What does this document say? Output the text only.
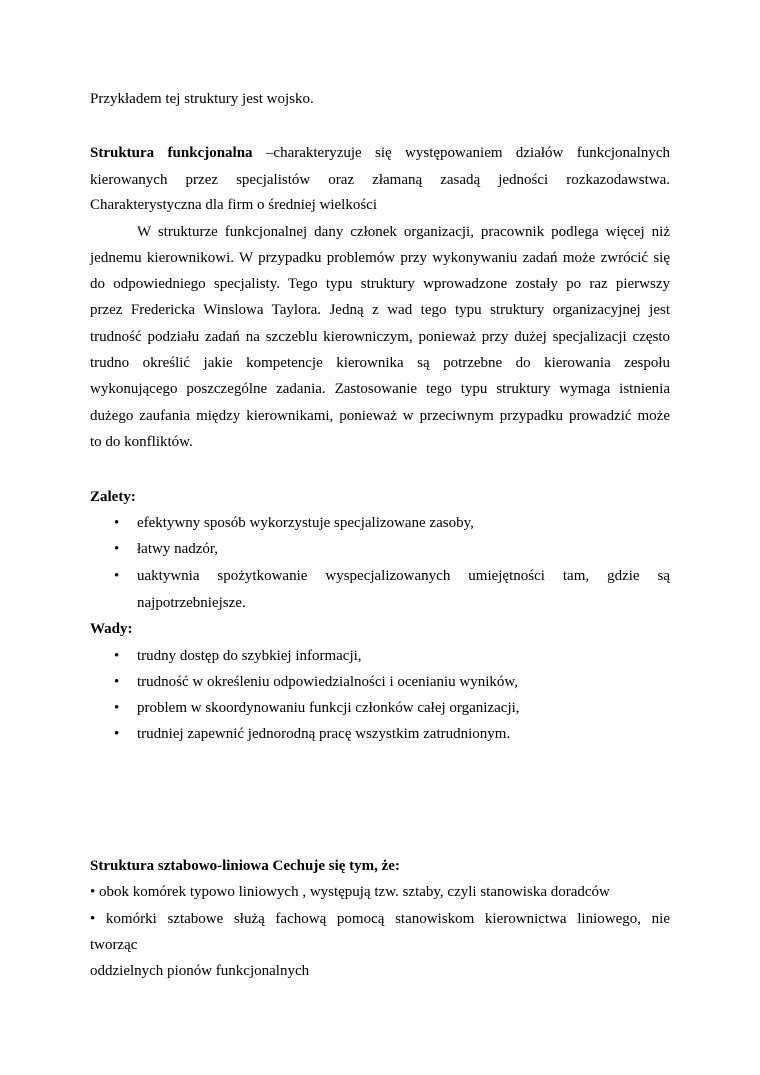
Przykładem tej struktury jest wojsko.
Struktura funkcjonalna –charakteryzuje się występowaniem działów funkcjonalnych
kierowanych przez specjalistów oraz złamaną zasadą jedności rozkazodawstwa.
Charakterystyczna dla firm o średniej wielkości
W strukturze funkcjonalnej dany członek organizacji, pracownik podlega więcej niż
jednemu kierownikowi. W przypadku problemów przy wykonywaniu zadań może zwrócić się
do odpowiedniego specjalisty. Tego typu struktury wprowadzone zostały po raz pierwszy
przez Fredericka Winslowa Taylora. Jedną z wad tego typu struktury organizacyjnej jest
trudność podziału zadań na szczeblu kierowniczym, ponieważ przy dużej specjalizacji często
trudno określić jakie kompetencje kierownika są potrzebne do kierowania zespołu
wykonującego poszczególne zadania. Zastosowanie tego typu struktury wymaga istnienia
dużego zaufania między kierownikami, ponieważ w przeciwnym przypadku prowadzić może
to do konfliktów.
Zalety:
• efektywny sposób wykorzystuje specjalizowane zasoby,
• łatwy nadzór,
• uaktywnia spożytkowanie wyspecjalizowanych umiejętności tam, gdzie są
najpotrzebniejsze.
Wady:
• trudny dostęp do szybkiej informacji,
• trudność w określeniu odpowiedzialności i ocenianiu wyników,
• problem w skoordynowaniu funkcji członków całej organizacji,
• trudniej zapewnić jednorodną pracę wszystkim zatrudnionym.
Struktura sztabowo-liniowa Cechuje się tym, że:
• obok komórek typowo liniowych , występują tzw. sztaby, czyli stanowiska doradców
• komórki sztabowe służą fachową pomocą stanowiskom kierownictwa liniowego, nie
tworząc
oddzielnych pionów funkcjonalnych
